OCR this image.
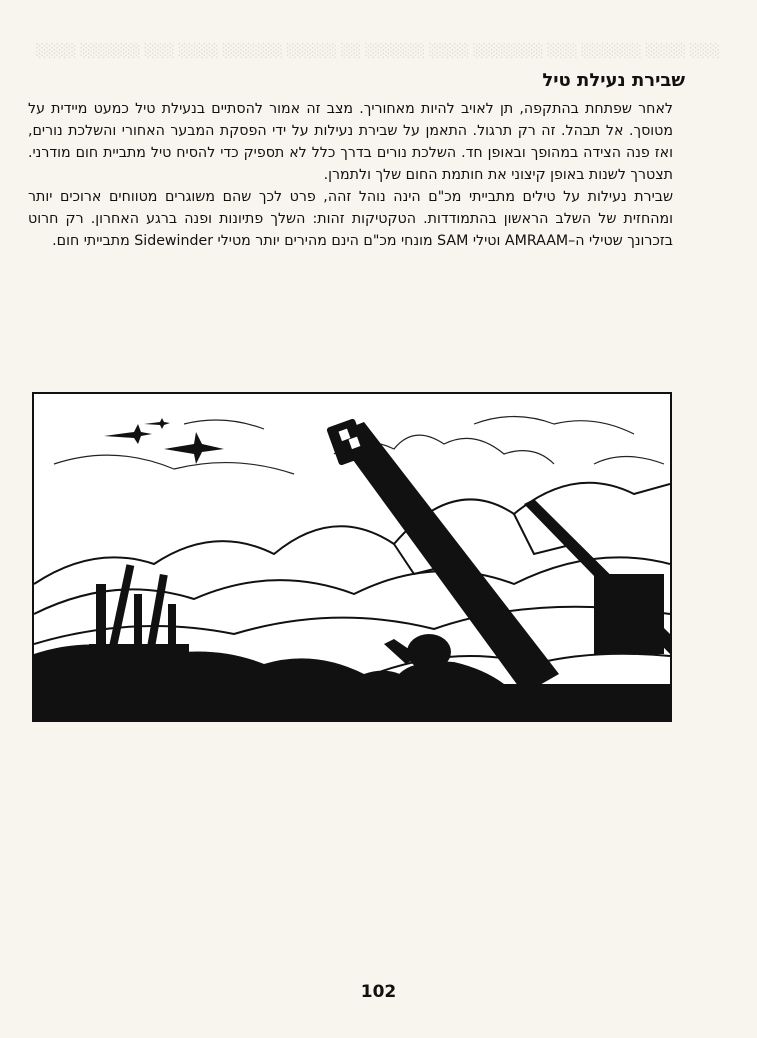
░░░ ░░░░ ░░░░░░ ░░░ ░░░░░░░ ░░░░ ░░░░░░ ░░ ░░░░░ ░░░░░░ ░░░░ ░░░ ░░░░░░ ░░░░
שבירת נעילת טיל

לאחר שפתחת בהתקפה, תן לאויב להיות מאחוריך. מצב זה אמור להסתיים בנעילת טיל כמעט מיידית על מטוסך. אל תבהל. זה רק תרגול. התאמן על שבירת נעילות על ידי הפסקת המבער האחורי והשלכת נורים, ואז פנה הצידה במהופך ובאופן חד. השלכת נורים בדרך כלל לא תספיק כדי להסיח טיל מתביית חום מודרני. תצטרך לשנות באופן קיצוני את חותמת החום שלך ולתמרן.

שבירת נעילות על טילים מתבייתי מכ"ם הינה נוהל זהה, פרט לכך שהם משוגרים מטווחים ארוכים יותר ומהחזית של השלב הראשון בהתמודדות. הטקטיקות זהות: השלך פתיונות ופנה ברגע האחרון. רק חרוט בזכרונך שטילי ה–AMRAAM וטילי SAM מונחי מכ"ם הינם מהירים יותר מטילי Sidewinder מתבייתי חום.

102
